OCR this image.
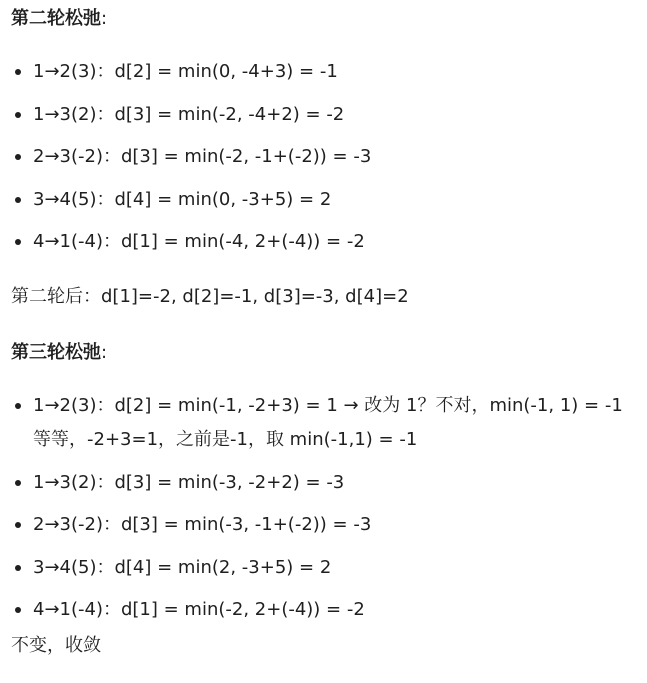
第二轮松弛:
1→2(3)：d[2] = min(0, -4+3) = -1
1→3(2)：d[3] = min(-2, -4+2) = -2
2→3(-2)：d[3] = min(-2, -1+(-2)) = -3
3→4(5)：d[4] = min(0, -3+5) = 2
4→1(-4)：d[1] = min(-4, 2+(-4)) = -2

第二轮后：d[1]=-2, d[2]=-1, d[3]=-3, d[4]=2

第三轮松弛:
1→2(3)：d[2] = min(-1, -2+3) = 1 → 改为 1？不对，min(-1, 1) = -1
等等，-2+3=1，之前是-1，取 min(-1,1) = -1
1→3(2)：d[3] = min(-3, -2+2) = -3
2→3(-2)：d[3] = min(-3, -1+(-2)) = -3
3→4(5)：d[4] = min(2, -3+5) = 2
4→1(-4)：d[1] = min(-2, 2+(-4)) = -2
不变，收敛
